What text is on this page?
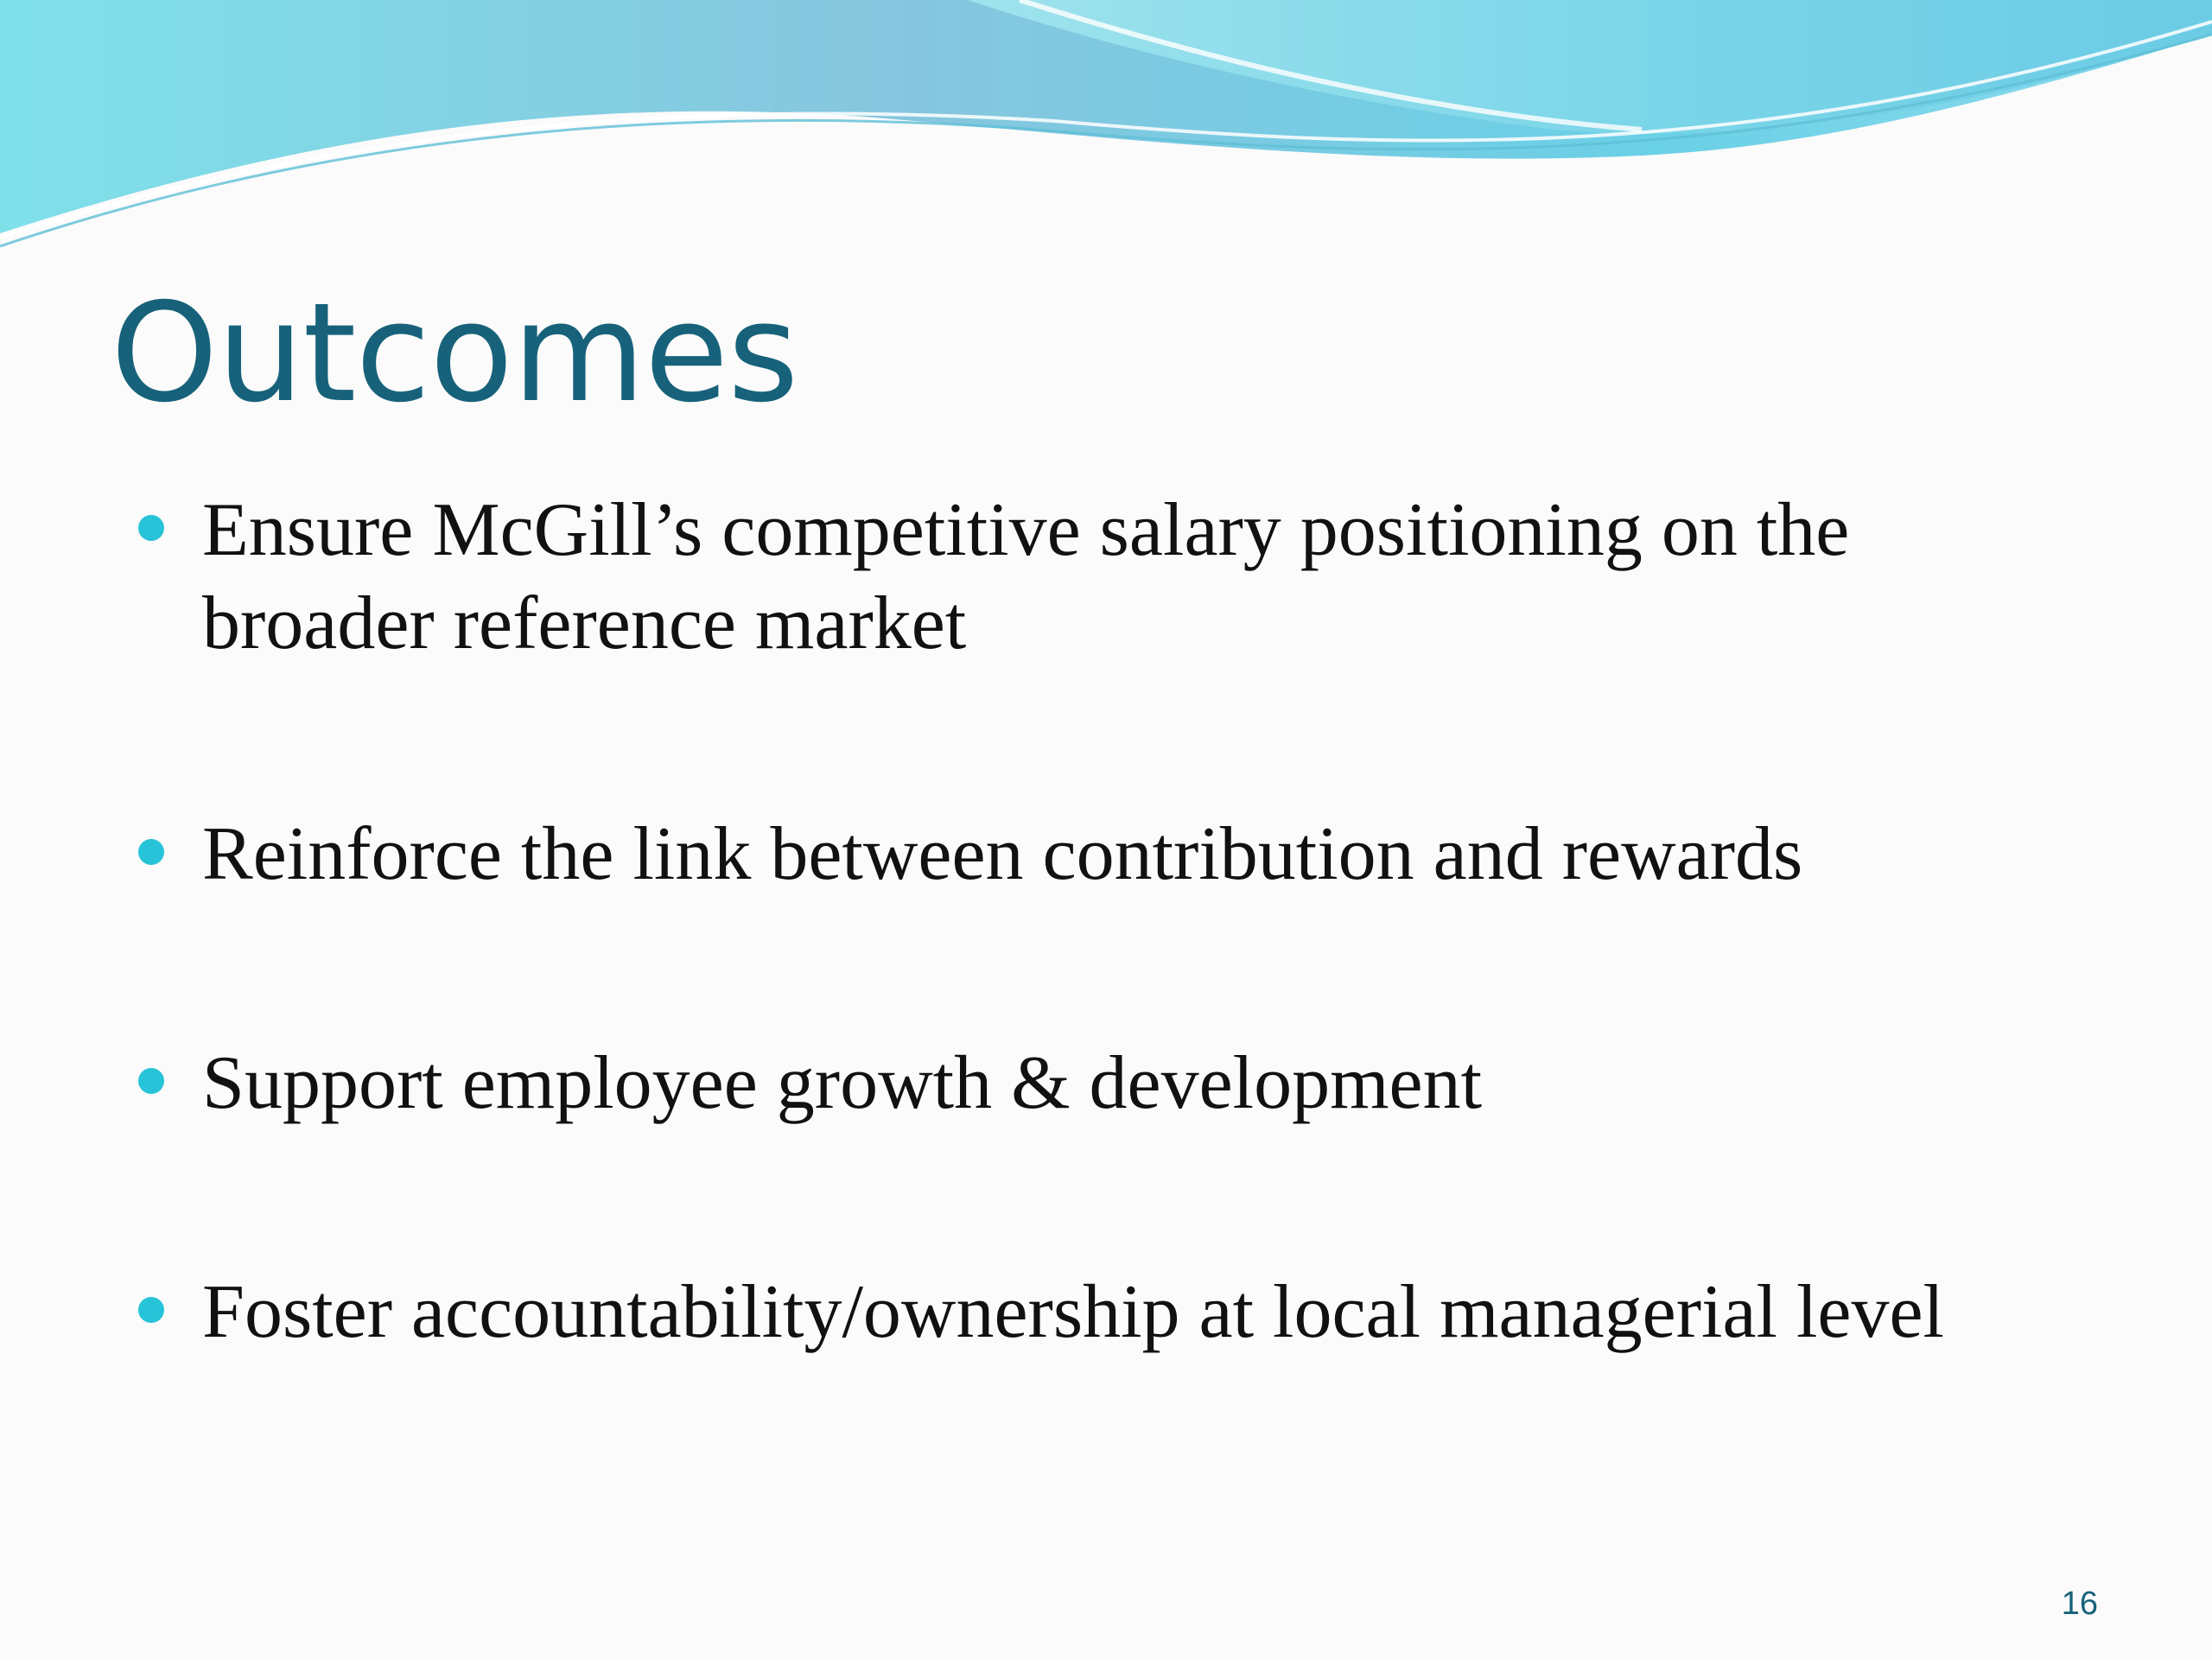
Outcomes
Ensure McGill’s competitive salary positioning on the broader reference market
Reinforce the link between contribution and rewards
Support employee growth & development
Foster accountability/ownership at local managerial level
16
